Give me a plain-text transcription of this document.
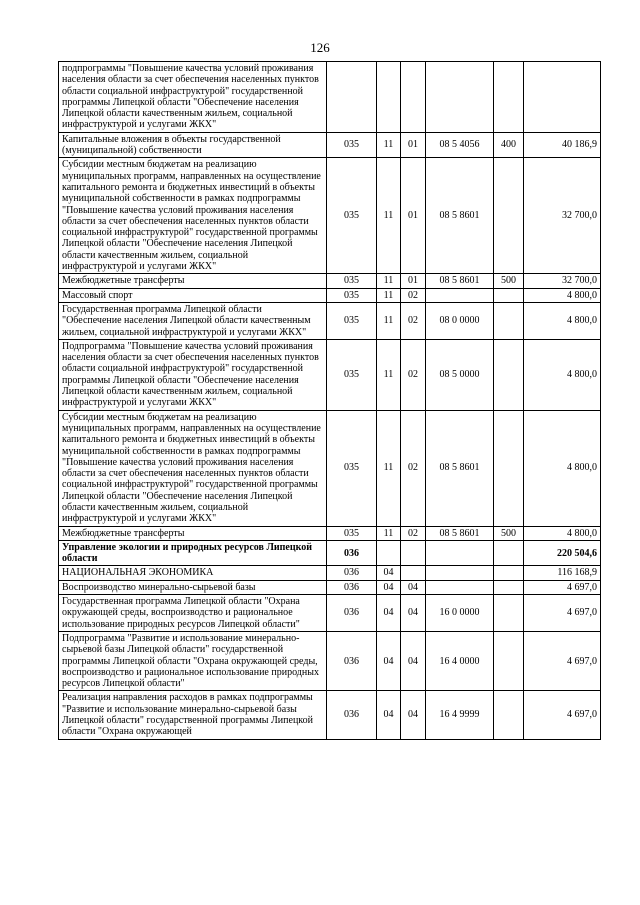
126
подпрограммы "Повышение качества условий проживания населения области за счет обеспечения населенных пунктов области социальной инфраструктурой" государственной программы Липецкой области "Обеспечение населения Липецкой области качественным жильем, социальной инфраструктурой и услугами ЖКХ"						
Капитальные вложения в объекты государственной (муниципальной) собственности	035	11	01	08 5 4056	400	40 186,9
Субсидии местным бюджетам на реализацию муниципальных программ, направленных на осуществление капитального ремонта и бюджетных инвестиций в объекты муниципальной собственности в рамках подпрограммы "Повышение качества условий проживания населения области за счет обеспечения населенных пунктов области социальной инфраструктурой" государственной программы Липецкой области "Обеспечение населения Липецкой области качественным жильем, социальной инфраструктурой и услугами ЖКХ"	035	11	01	08 5 8601		32 700,0
Межбюджетные трансферты	035	11	01	08 5 8601	500	32 700,0
Массовый спорт	035	11	02			4 800,0
Государственная программа Липецкой области "Обеспечение населения Липецкой области качественным жильем, социальной инфраструктурой и услугами ЖКХ"	035	11	02	08 0 0000		4 800,0
Подпрограмма "Повышение качества условий проживания населения области за счет обеспечения населенных пунктов области социальной инфраструктурой" государственной программы Липецкой области "Обеспечение населения Липецкой области качественным жильем, социальной инфраструктурой и услугами ЖКХ"	035	11	02	08 5 0000		4 800,0
Субсидии местным бюджетам на реализацию муниципальных программ, направленных на осуществление капитального ремонта и бюджетных инвестиций в объекты муниципальной собственности в рамках подпрограммы "Повышение качества условий проживания населения области за счет обеспечения населенных пунктов области социальной инфраструктурой" государственной программы Липецкой области "Обеспечение населения Липецкой области качественным жильем, социальной инфраструктурой и услугами ЖКХ"	035	11	02	08 5 8601		4 800,0
Межбюджетные трансферты	035	11	02	08 5 8601	500	4 800,0
Управление экологии и природных ресурсов Липецкой области	036					220 504,6
НАЦИОНАЛЬНАЯ ЭКОНОМИКА	036	04				116 168,9
Воспроизводство минерально-сырьевой базы	036	04	04			4 697,0
Государственная программа Липецкой области "Охрана окружающей среды, воспроизводство и рациональное использование природных ресурсов Липецкой области"	036	04	04	16 0 0000		4 697,0
Подпрограмма "Развитие и использование минерально-сырьевой базы Липецкой области" государственной программы Липецкой области "Охрана окружающей среды, воспроизводство и рациональное использование природных ресурсов Липецкой области"	036	04	04	16 4 0000		4 697,0
Реализация направления расходов в рамках подпрограммы "Развитие и использование минерально-сырьевой базы Липецкой области" государственной программы Липецкой области "Охрана окружающей	036	04	04	16 4 9999		4 697,0
